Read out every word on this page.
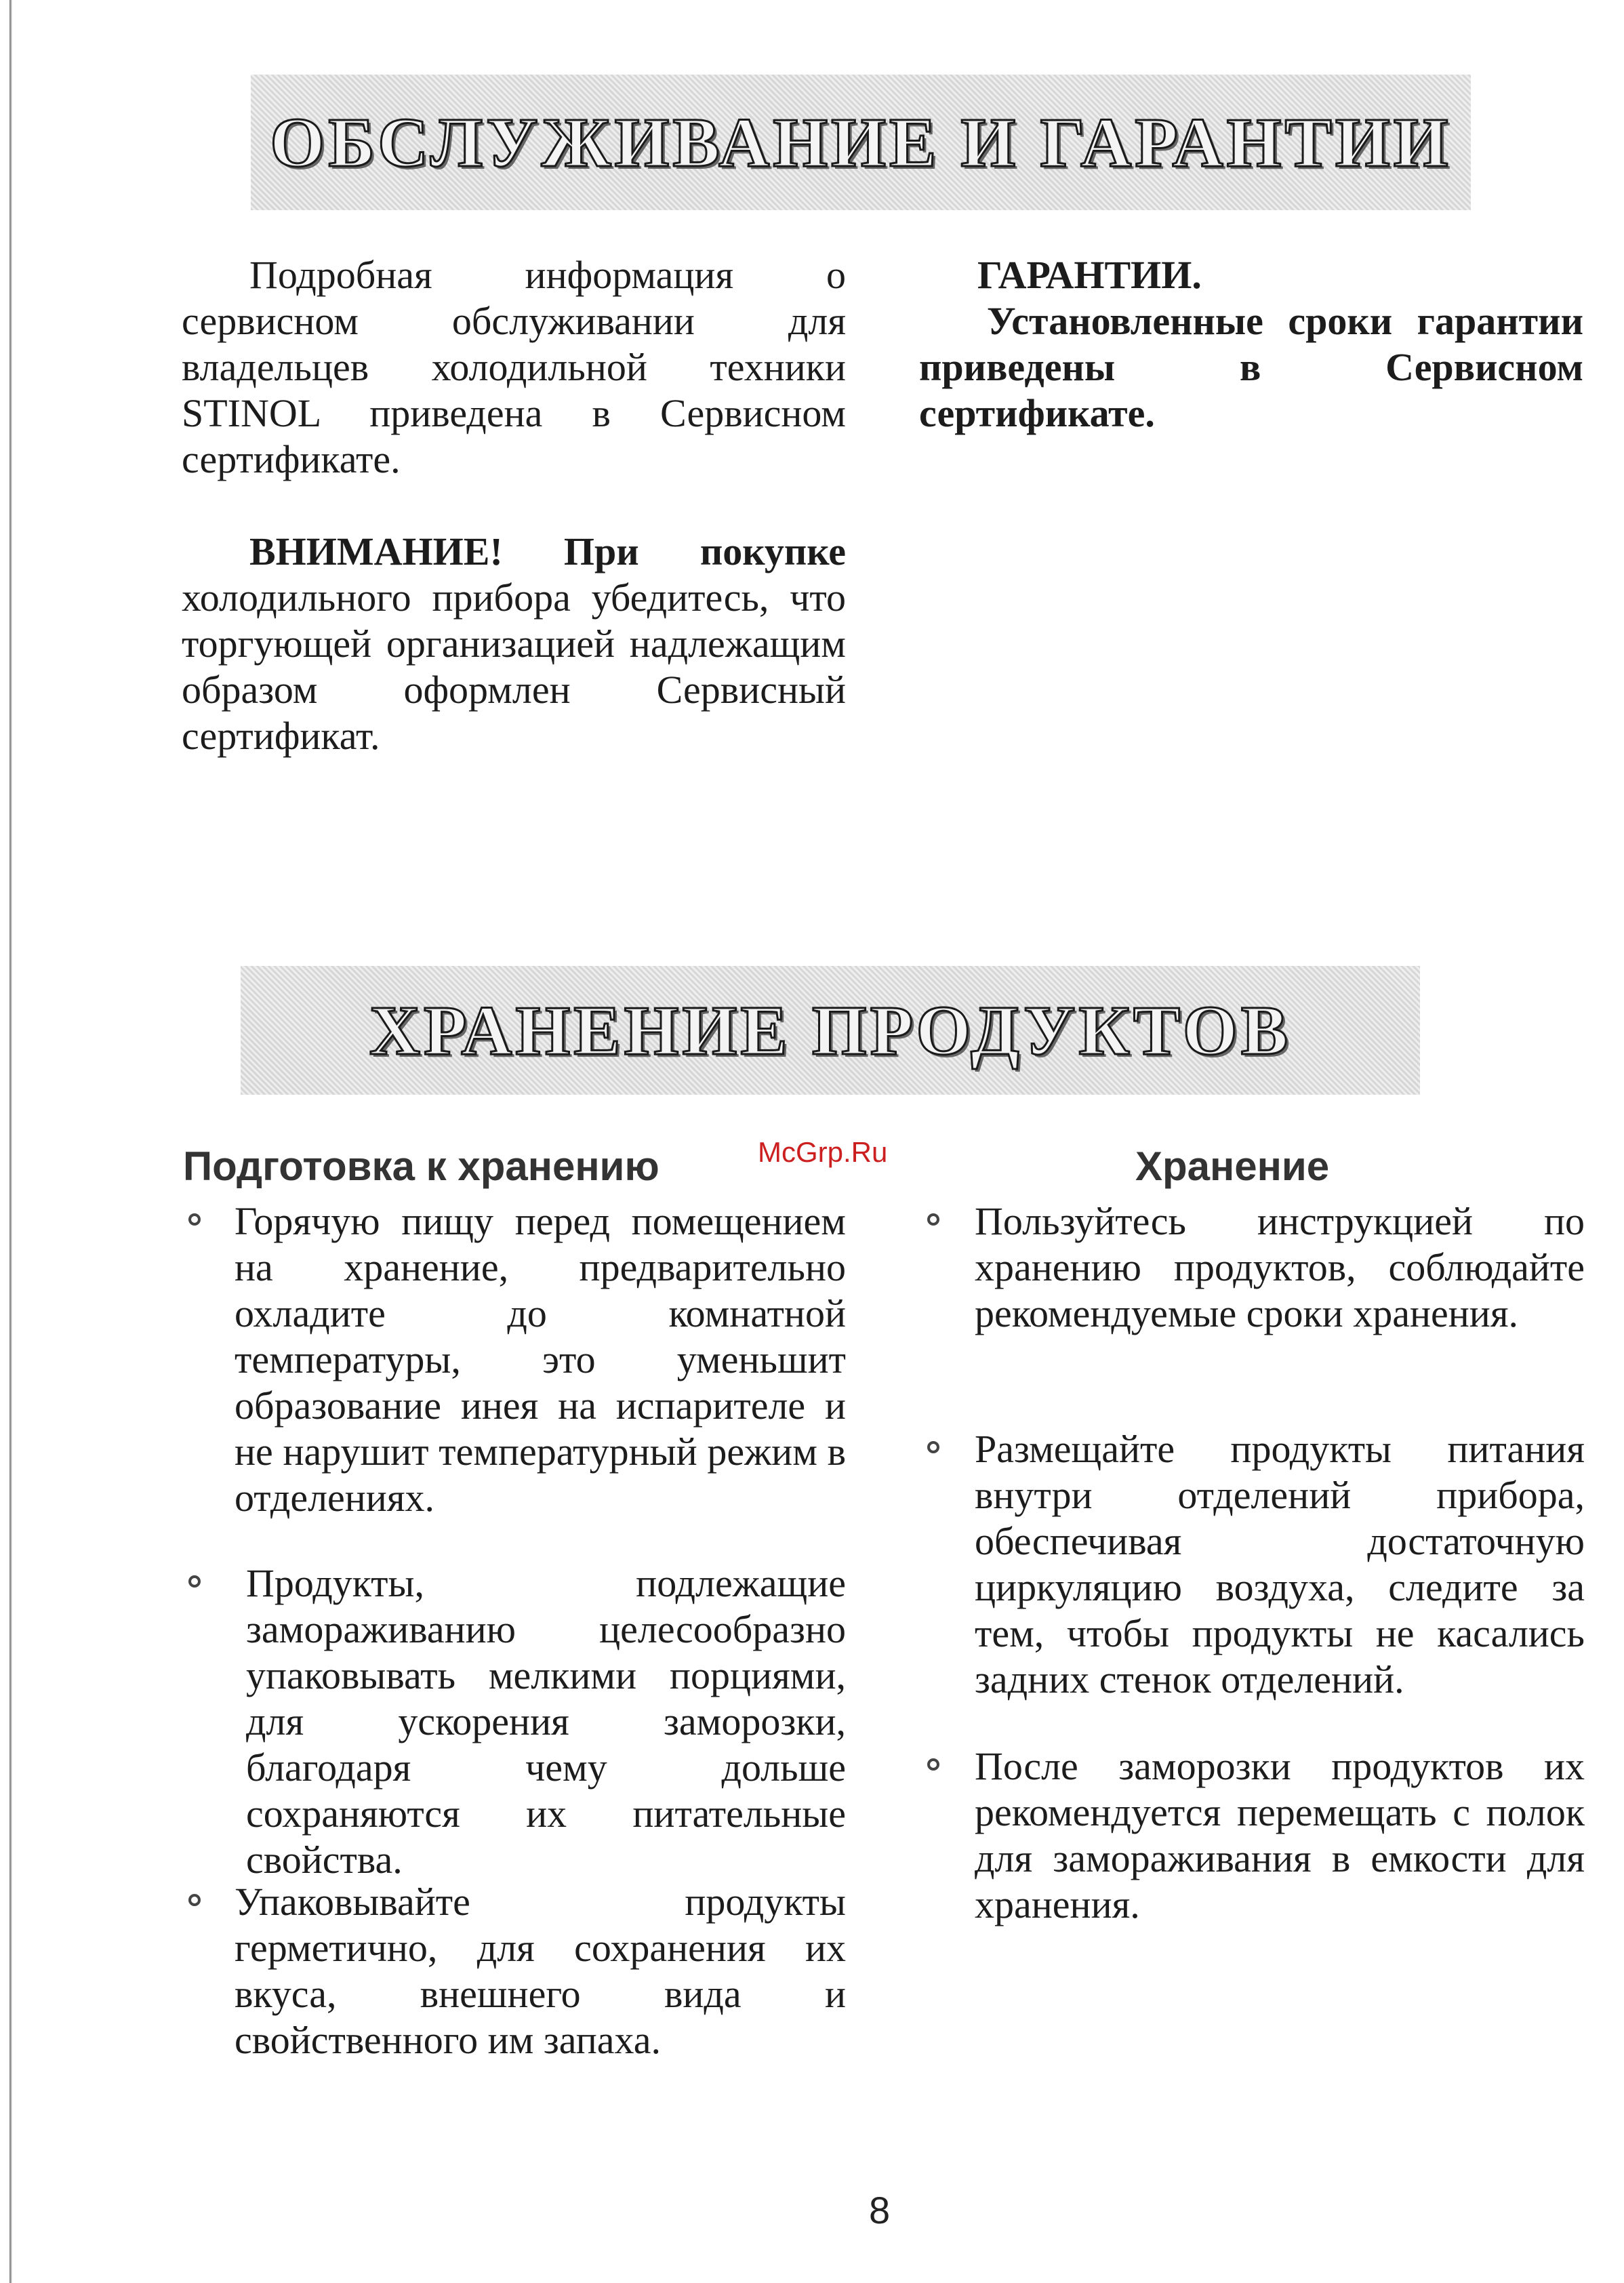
ОБСЛУЖИВАНИЕ И ГАРАНТИИ

Подробная информация о сервисном обслуживании для владельцев холодильной техники STINOL приведена в Сервисном сертификате.

ВНИМАНИЕ! При покупке холодильного прибора убедитесь, что торгующей организацией надлежащим образом оформлен Сервисный сертификат.

ГАРАНТИИ.

Установленные сроки гарантии приведены в Сервисном сертификате.

ХРАНЕНИЕ ПРОДУКТОВ
McGrp.Ru
Подготовка к хранению

Горячую пищу перед помещением на хранение, предварительно охладите до комнатной температуры, это уменьшит образование инея на испарителе и не нарушит температурный режим в отделениях.

Продукты, подлежащие замораживанию целесообразно упаковывать мелкими порциями, для ускорения заморозки, благодаря чему дольше сохраняются их питательные свойства.

Упаковывайте продукты герметично, для сохранения их вкуса, внешнего вида и свойственного им запаха.

Хранение

Пользуйтесь инструкцией по хранению продуктов, соблюдайте рекомендуемые сроки хранения.

Размещайте продукты питания внутри отделений прибора, обеспечивая достаточную циркуляцию воздуха, следите за тем, чтобы продукты не касались задних стенок отделений.

После заморозки продуктов их рекомендуется перемещать с полок для замораживания в емкости для хранения.

8
